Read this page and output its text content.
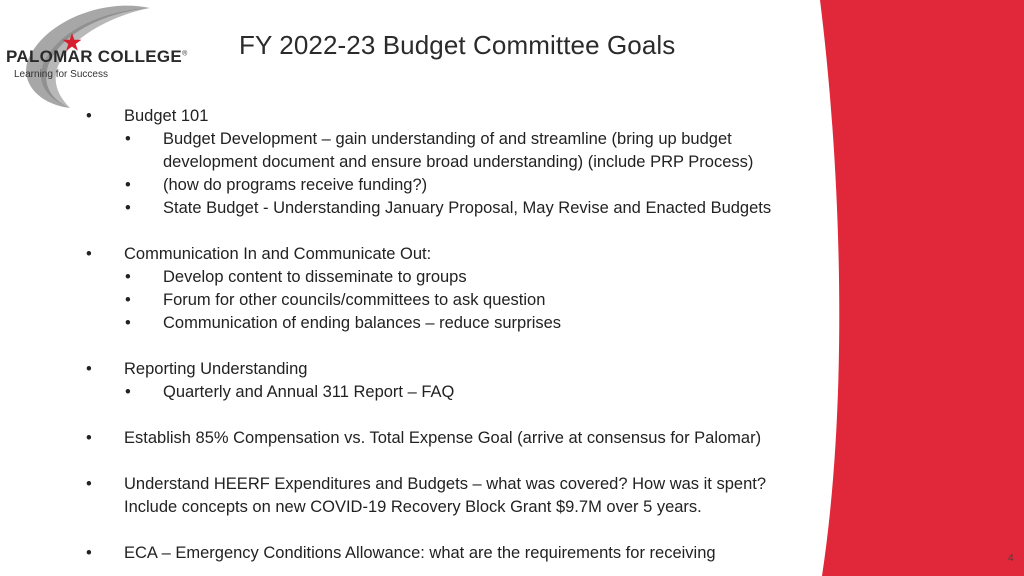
PALOMAR COLLEGE®
Learning for Success
FY 2022-23 Budget Committee Goals
• Budget 101
• Budget Development – gain understanding of and streamline (bring up budget development document and ensure broad understanding) (include PRP Process)
• (how do programs receive funding?)
• State Budget - Understanding January Proposal, May Revise and Enacted Budgets
• Communication In and Communicate Out:
• Develop content to disseminate to groups
• Forum for other councils/committees to ask question
• Communication of ending balances – reduce surprises
• Reporting Understanding
• Quarterly and Annual 311 Report – FAQ
• Establish 85% Compensation vs. Total Expense Goal (arrive at consensus for Palomar)
• Understand HEERF Expenditures and Budgets – what was covered? How was it spent? Include concepts on new COVID-19 Recovery Block Grant $9.7M over 5 years.
• ECA – Emergency Conditions Allowance: what are the requirements for receiving	4
